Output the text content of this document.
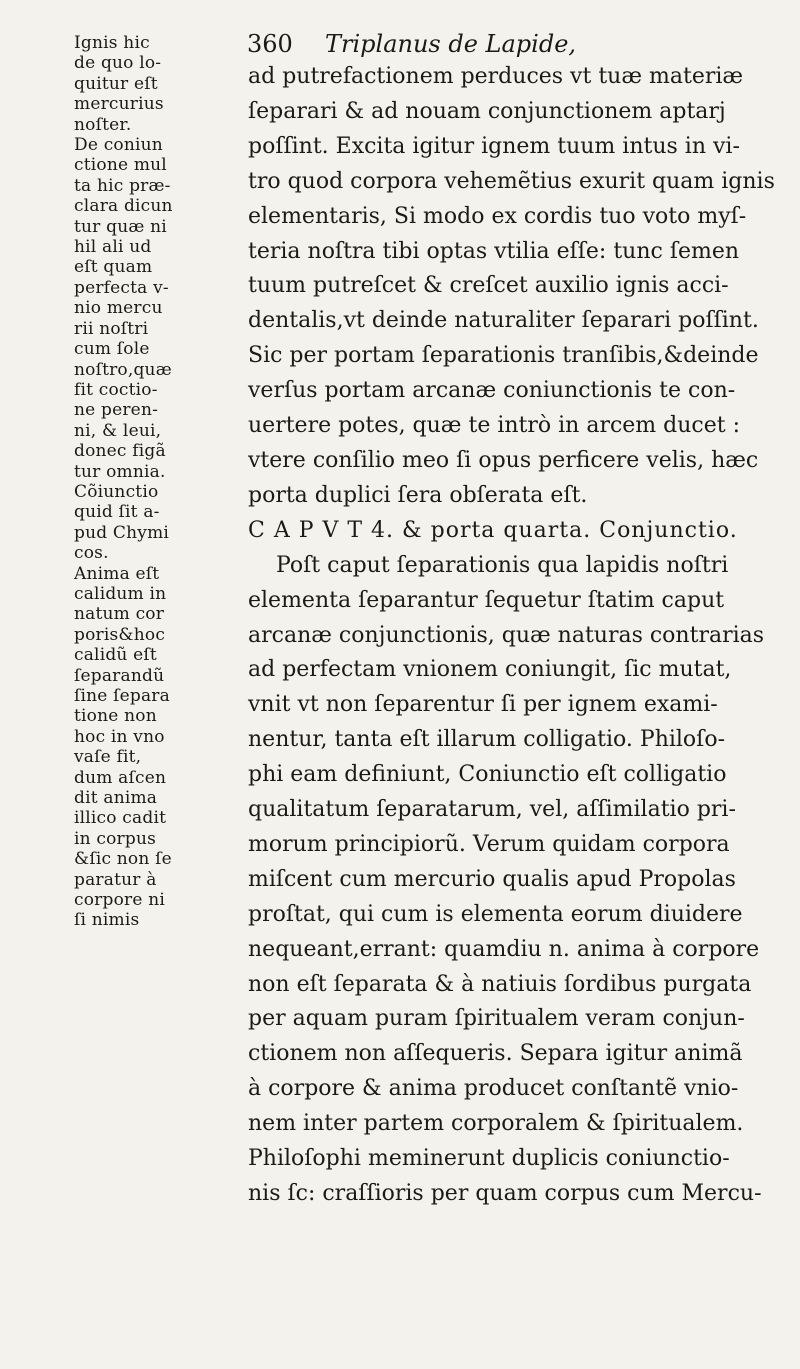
360 Triplanus de Lapide,
Ignis hic
de quo lo-
quitur eſt
mercurius
noſter.
De coniun
ctione mul
ta hic præ-
clara dicun
tur quæ ni
hil ali ud
eſt quam
perfecta v-
nio mercu
rii noſtri
cum ſole
noſtro,quæ
fit coctio-
ne peren-
ni, & leui,
donec figã
tur omnia.
Cõiunctio
quid ſit a-
pud Chymi
cos.
Anima eſt
calidum in
natum cor
poris&hoc
calidũ eſt
ſeparandũ
ſine ſepara
tione non
hoc in vno
vaſe fit,
dum aſcen
dit anima
illico cadit
in corpus
&ſic non ſe
paratur à
corpore ni
ſi nimis
ad putrefactionem perduces vt tuæ materiæ
ſeparari & ad nouam conjunctionem aptarj
poſſint. Excita igitur ignem tuum intus in vi-
tro quod corpora vehemẽtius exurit quam ignis
elementaris, Si modo ex cordis tuo voto myſ-
teria noſtra tibi optas vtilia eſſe: tunc ſemen
tuum putreſcet & creſcet auxilio ignis acci-
dentalis,vt deinde naturaliter ſeparari poſſint.
Sic per portam ſeparationis tranſibis,&deinde
verſus portam arcanæ coniunctionis te con-
uertere potes, quæ te intrò in arcem ducet :
vtere conſilio meo ſi opus perficere velis, hæc
porta duplici ſera obſerata eſt.
C A P V T 4. & porta quarta. Conjunctio.
Poſt caput ſeparationis qua lapidis noſtri
elementa ſeparantur ſequetur ſtatim caput
arcanæ conjunctionis, quæ naturas contrarias
ad perfectam vnionem coniungit, ſic mutat,
vnit vt non ſeparentur ſi per ignem exami-
nentur, tanta eſt illarum colligatio. Philoſo-
phi eam definiunt, Coniunctio eſt colligatio
qualitatum ſeparatarum, vel, aſſimilatio pri-
morum principiorũ. Verum quidam corpora
miſcent cum mercurio qualis apud Propolas
proſtat, qui cum is elementa eorum diuidere
nequeant,errant: quamdiu n. anima à corpore
non eſt ſeparata & à natiuis ſordibus purgata
per aquam puram ſpiritualem veram conjun-
ctionem non aſſequeris. Separa igitur animã
à corpore & anima producet conſtantẽ vnio-
nem inter partem corporalem & ſpiritualem.
Philoſophi meminerunt duplicis coniunctio-
nis ſc: craſſioris per quam corpus cum Mercu-
